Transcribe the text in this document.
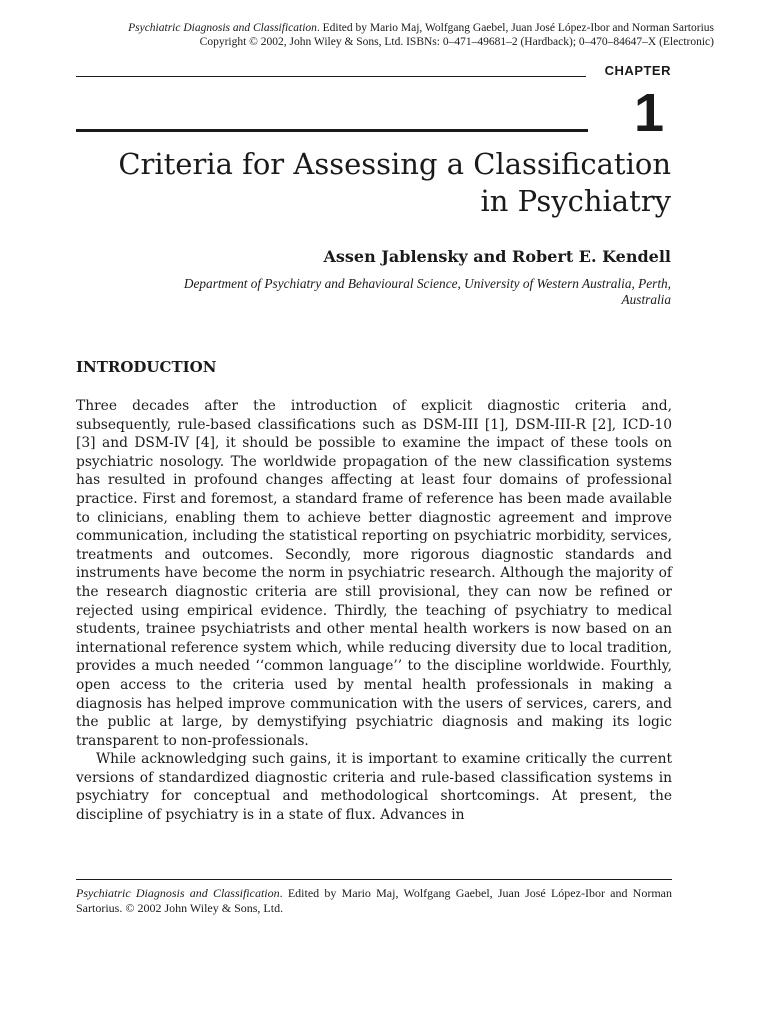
Psychiatric Diagnosis and Classification. Edited by Mario Maj, Wolfgang Gaebel, Juan José López-Ibor and Norman Sartorius
Copyright © 2002, John Wiley & Sons, Ltd. ISBNs: 0–471–49681–2 (Hardback); 0–470–84647–X (Electronic)
CHAPTER
1
Criteria for Assessing a Classification
in Psychiatry
Assen Jablensky and Robert E. Kendell
Department of Psychiatry and Behavioural Science, University of Western Australia, Perth,
Australia
INTRODUCTION

Three decades after the introduction of explicit diagnostic criteria and, subsequently, rule-based classifications such as DSM-III [1], DSM-III-R [2], ICD-10 [3] and DSM-IV [4], it should be possible to examine the impact of these tools on psychiatric nosology. The worldwide propagation of the new classification systems has resulted in profound changes affecting at least four domains of professional practice. First and foremost, a standard frame of reference has been made available to clinicians, enabling them to achieve better diagnostic agreement and improve communication, including the statistical reporting on psychiatric morbidity, services, treatments and outcomes. Secondly, more rigorous diagnostic standards and instruments have become the norm in psychiatric research. Although the majority of the research diagnostic criteria are still provisional, they can now be refined or rejected using empirical evidence. Thirdly, the teaching of psychiatry to medical students, trainee psychiatrists and other mental health workers is now based on an international reference system which, while reducing diversity due to local tradition, provides a much needed ‘‘common language’’ to the discipline worldwide. Fourthly, open access to the criteria used by mental health professionals in making a diagnosis has helped improve communication with the users of services, carers, and the public at large, by demystifying psychiatric diagnosis and making its logic transparent to non-professionals.

While acknowledging such gains, it is important to examine critically the current versions of standardized diagnostic criteria and rule-based classification systems in psychiatry for conceptual and methodological shortcomings. At present, the discipline of psychiatry is in a state of flux. Advances in

Psychiatric Diagnosis and Classification. Edited by Mario Maj, Wolfgang Gaebel, Juan José López-Ibor and Norman Sartorius. © 2002 John Wiley & Sons, Ltd.
